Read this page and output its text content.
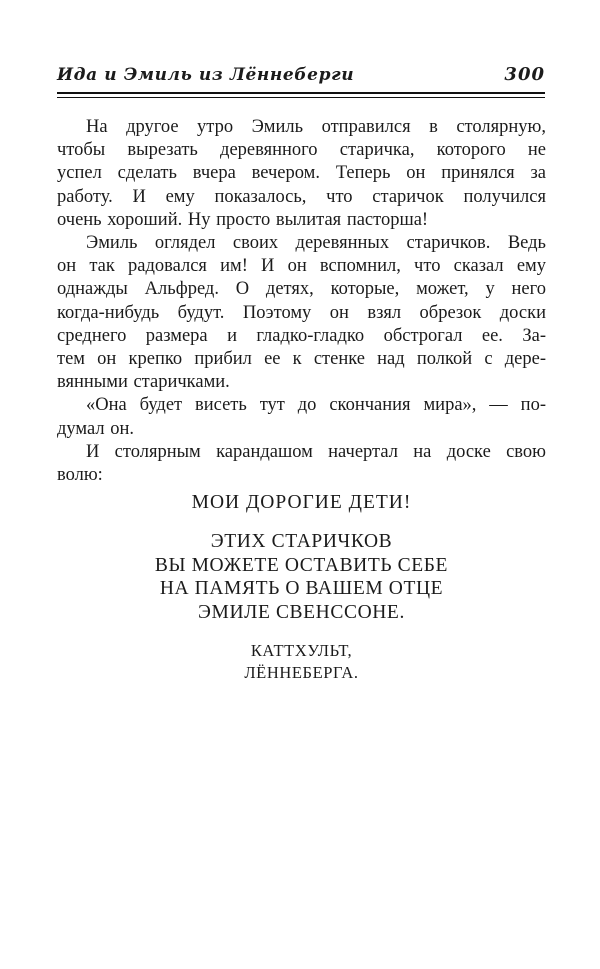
Ида и Эмиль из Лённеберги	300
На другое утро Эмиль отправился в столярную,
чтобы вырезать деревянного старичка, которого не
успел сделать вчера вечером. Теперь он принялся за
работу. И ему показалось, что старичок получился
очень хороший. Ну просто вылитая пасторша!
Эмиль оглядел своих деревянных старичков. Ведь
он так радовался им! И он вспомнил, что сказал ему
однажды Альфред. О детях, которые, может, у него
когда-нибудь будут. Поэтому он взял обрезок доски
среднего размера и гладко-гладко обстрогал ее. За-
тем он крепко прибил ее к стенке над полкой с дере-
вянными старичками.
«Она будет висеть тут до скончания мира», — по-
думал он.
И столярным карандашом начертал на доске свою
волю:
МОИ ДОРОГИЕ ДЕТИ!
ЭТИХ СТАРИЧКОВ
ВЫ МОЖЕТЕ ОСТАВИТЬ СЕБЕ
НА ПАМЯТЬ О ВАШЕМ ОТЦЕ
ЭМИЛЕ СВЕНССОНЕ.
КАТТХУЛЬТ,
ЛЁННЕБЕРГА.
